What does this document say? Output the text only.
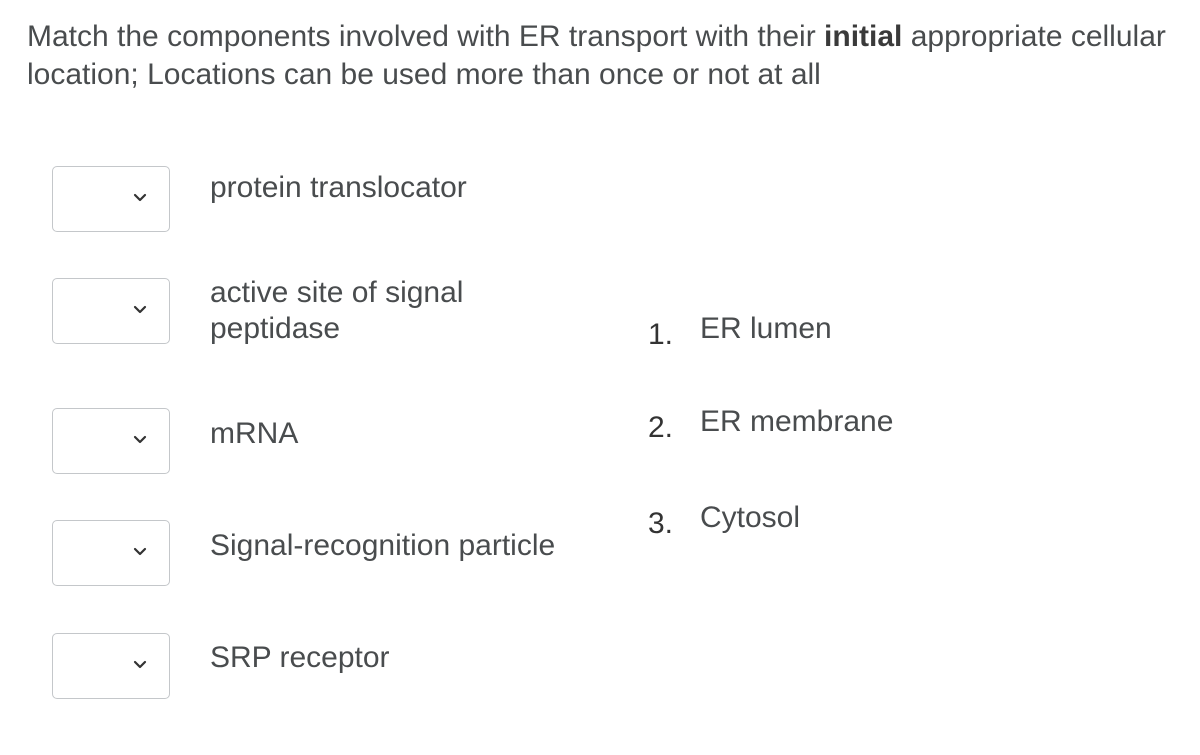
Match the components involved with ER transport with their initial appropriate cellular location; Locations can be used more than once or not at all
protein translocator
active site of signal
peptidase
mRNA
Signal-recognition particle
SRP receptor
1. ER lumen
2. ER membrane
3. Cytosol
